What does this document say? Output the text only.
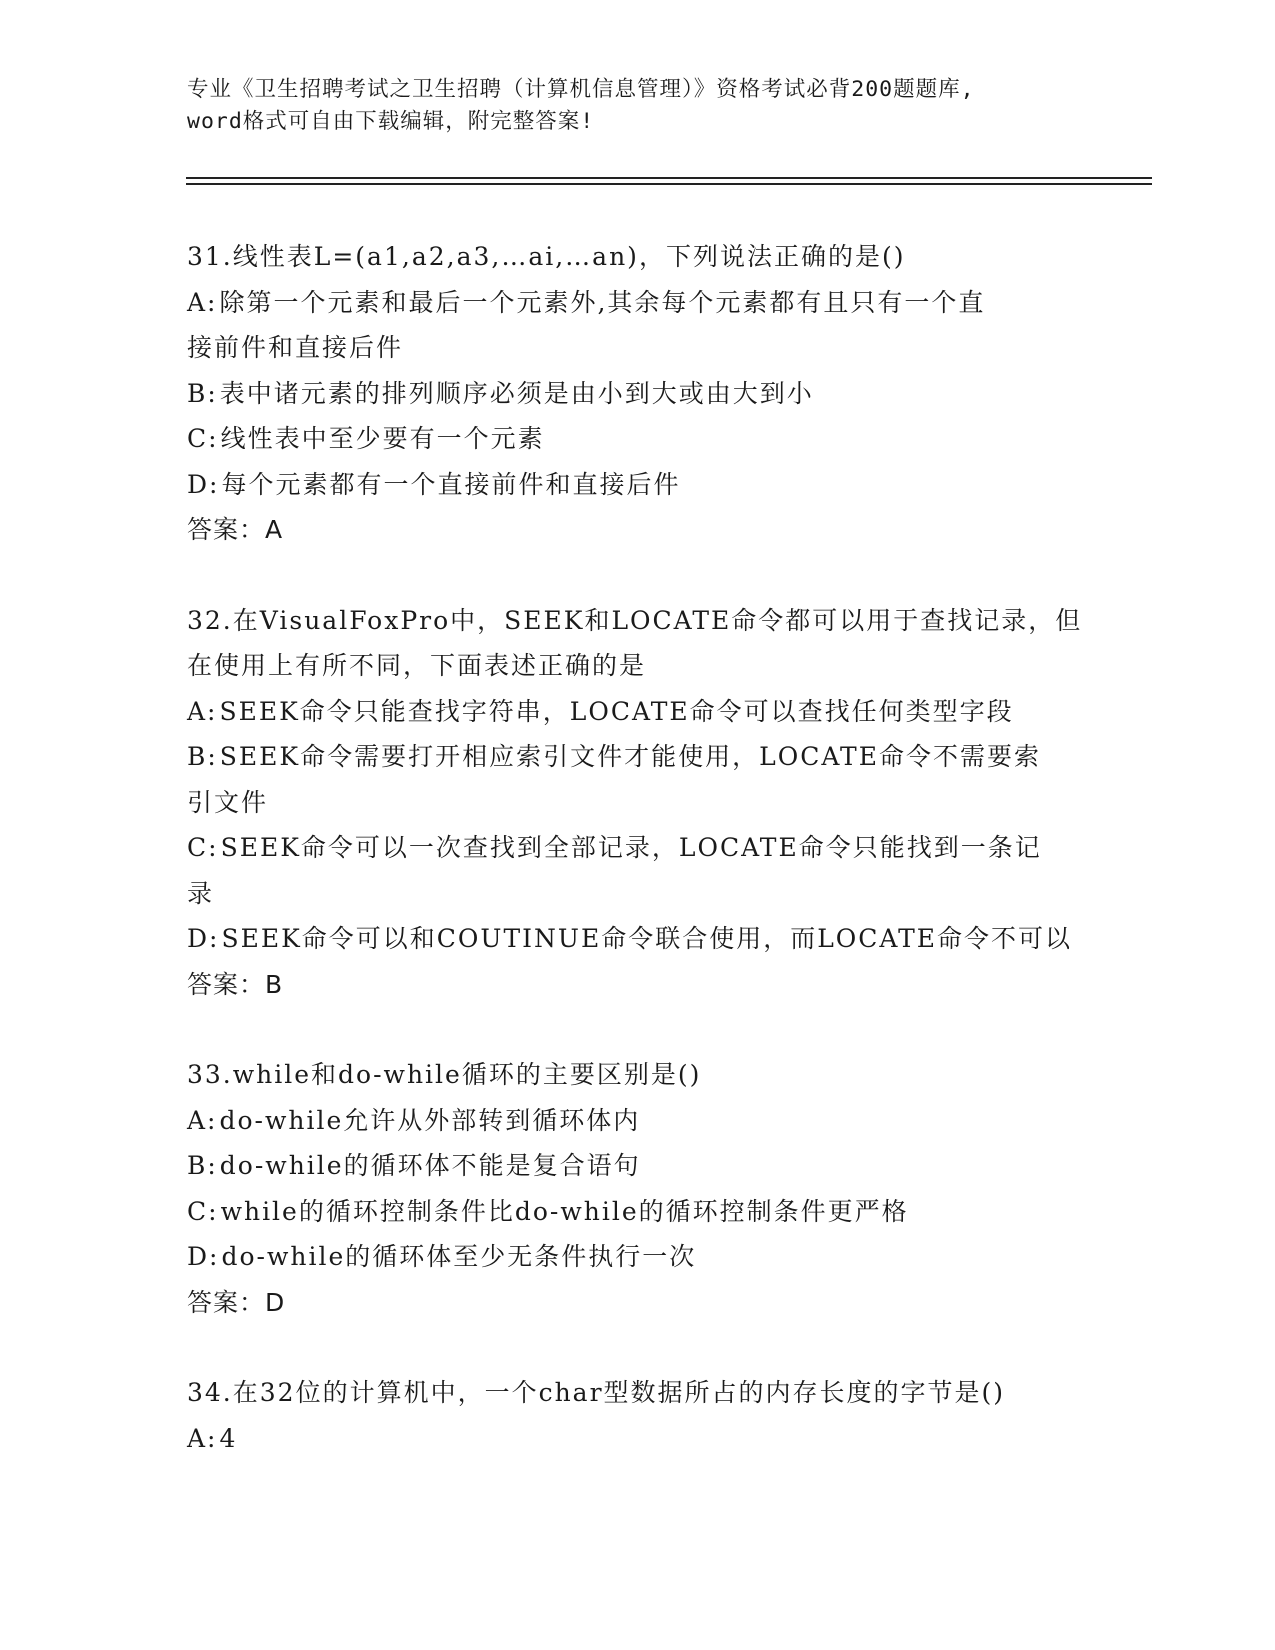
专业《卫生招聘考试之卫生招聘（计算机信息管理）》资格考试必背200题题库,
word格式可自由下载编辑，附完整答案!
31.线性表L=(a1,a2,a3,…ai,…an)，下列说法正确的是()
A:除第一个元素和最后一个元素外,其余每个元素都有且只有一个直
接前件和直接后件
B:表中诸元素的排列顺序必须是由小到大或由大到小
C:线性表中至少要有一个元素
D:每个元素都有一个直接前件和直接后件
答案：A
32.在VisualFoxPro中，SEEK和LOCATE命令都可以用于查找记录，但
在使用上有所不同，下面表述正确的是
A:SEEK命令只能查找字符串，LOCATE命令可以查找任何类型字段
B:SEEK命令需要打开相应索引文件才能使用，LOCATE命令不需要索
引文件
C:SEEK命令可以一次查找到全部记录，LOCATE命令只能找到一条记
录
D:SEEK命令可以和COUTINUE命令联合使用，而LOCATE命令不可以
答案：B
33.while和do-while循环的主要区别是()
A:do-while允许从外部转到循环体内
B:do-while的循环体不能是复合语句
C:while的循环控制条件比do-while的循环控制条件更严格
D:do-while的循环体至少无条件执行一次
答案：D
34.在32位的计算机中，一个char型数据所占的内存长度的字节是()
A:4
